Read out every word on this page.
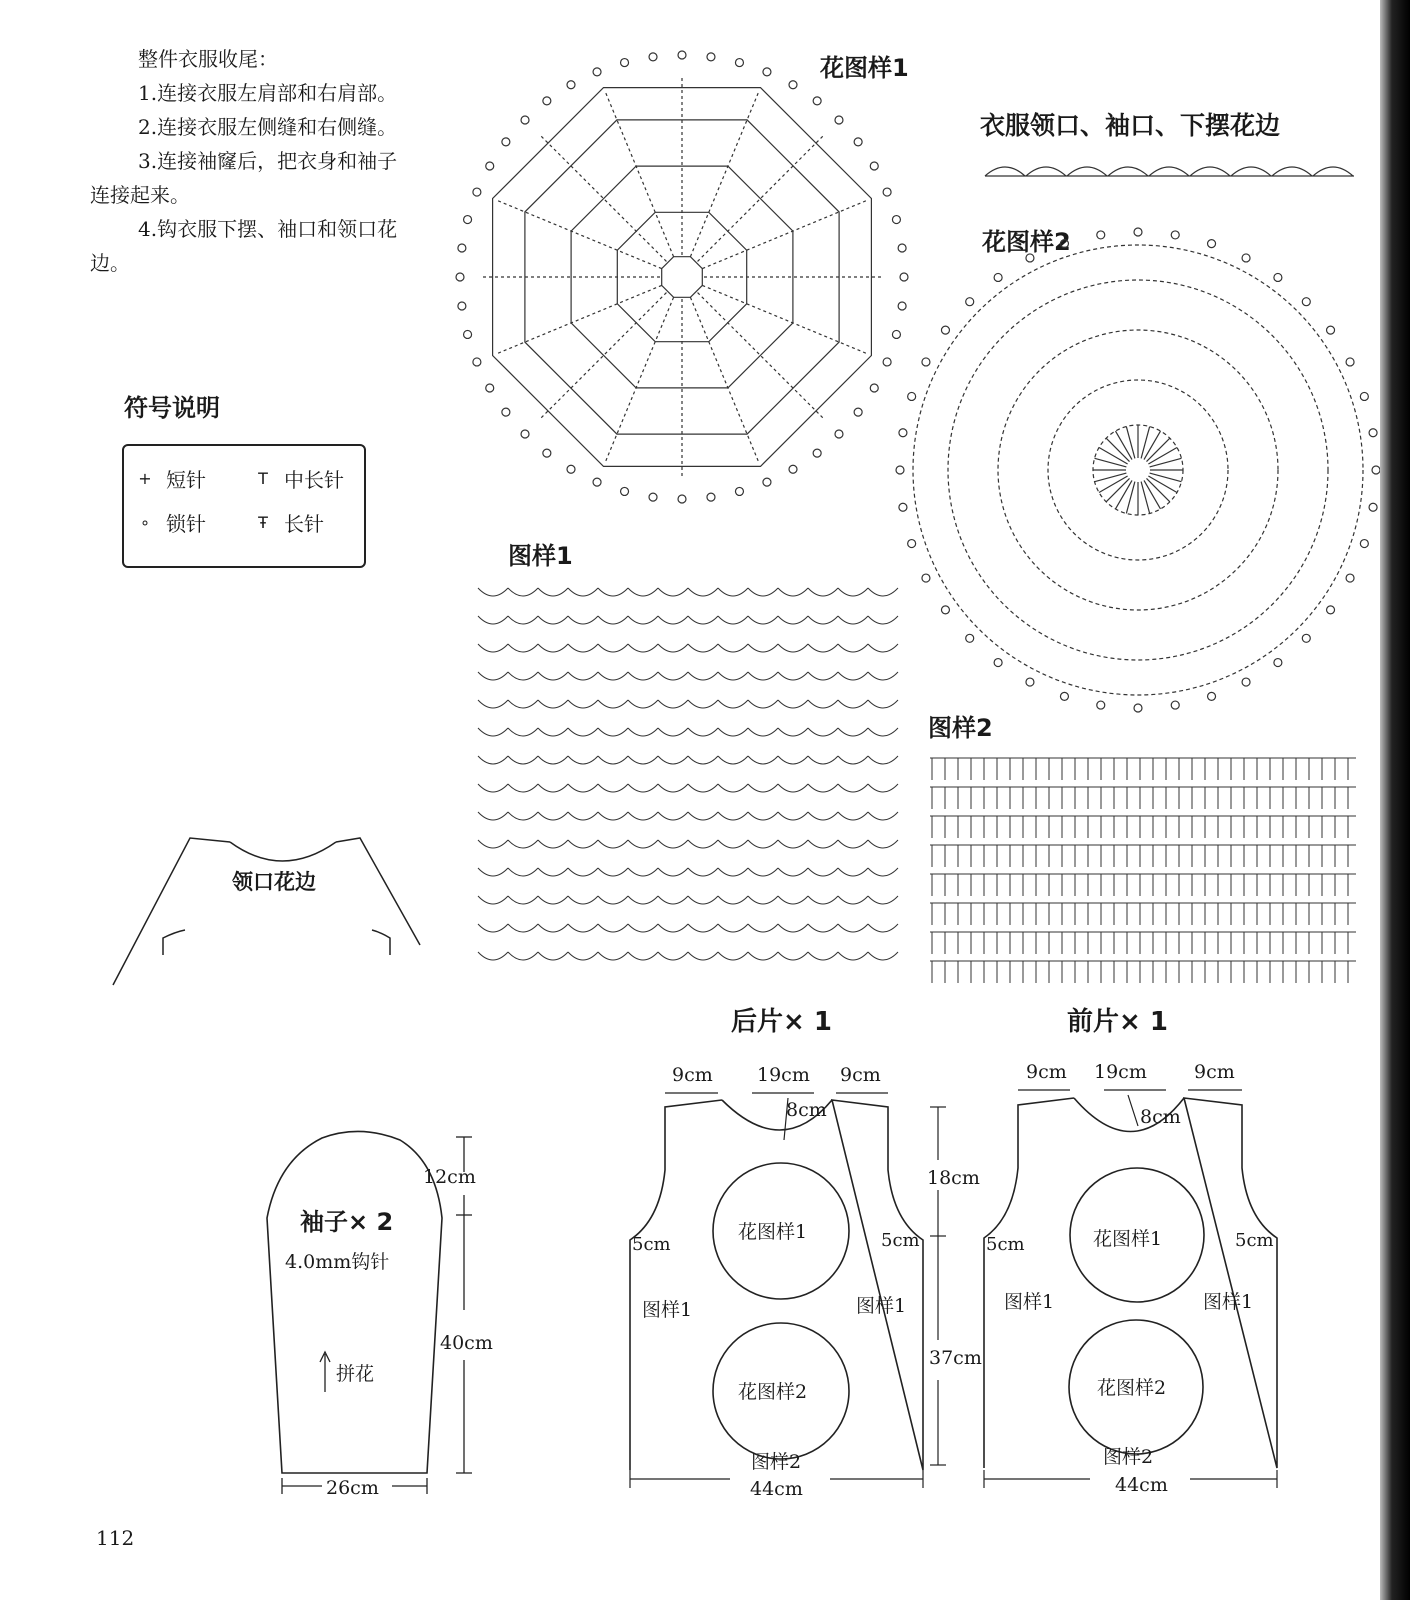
整件衣服收尾：

1.连接衣服左肩部和右肩部。

2.连接衣服左侧缝和右侧缝。

3.连接袖窿后，把衣身和袖子

连接起来。

4.钩衣服下摆、袖口和领口花

边。

符号说明
+ 短针	T 中长针
∘ 锁针	Ŧ 长针
花图样1
衣服领口、袖口、下摆花边
花图样2
图样1
图样2
领口花边
袖子× 2
4.0mm钩针
拼花
12cm
40cm
26cm
后片× 1
9cm 19cm 9cm
8cm
5cm	5cm
18cm
37cm
44cm
花图样1
花图样2
图样1	图样1
图样2
前片× 1
9cm 19cm 9cm
8cm
5cm	5cm
花图样1
花图样2
图样1	图样1
图样2
44cm
112
